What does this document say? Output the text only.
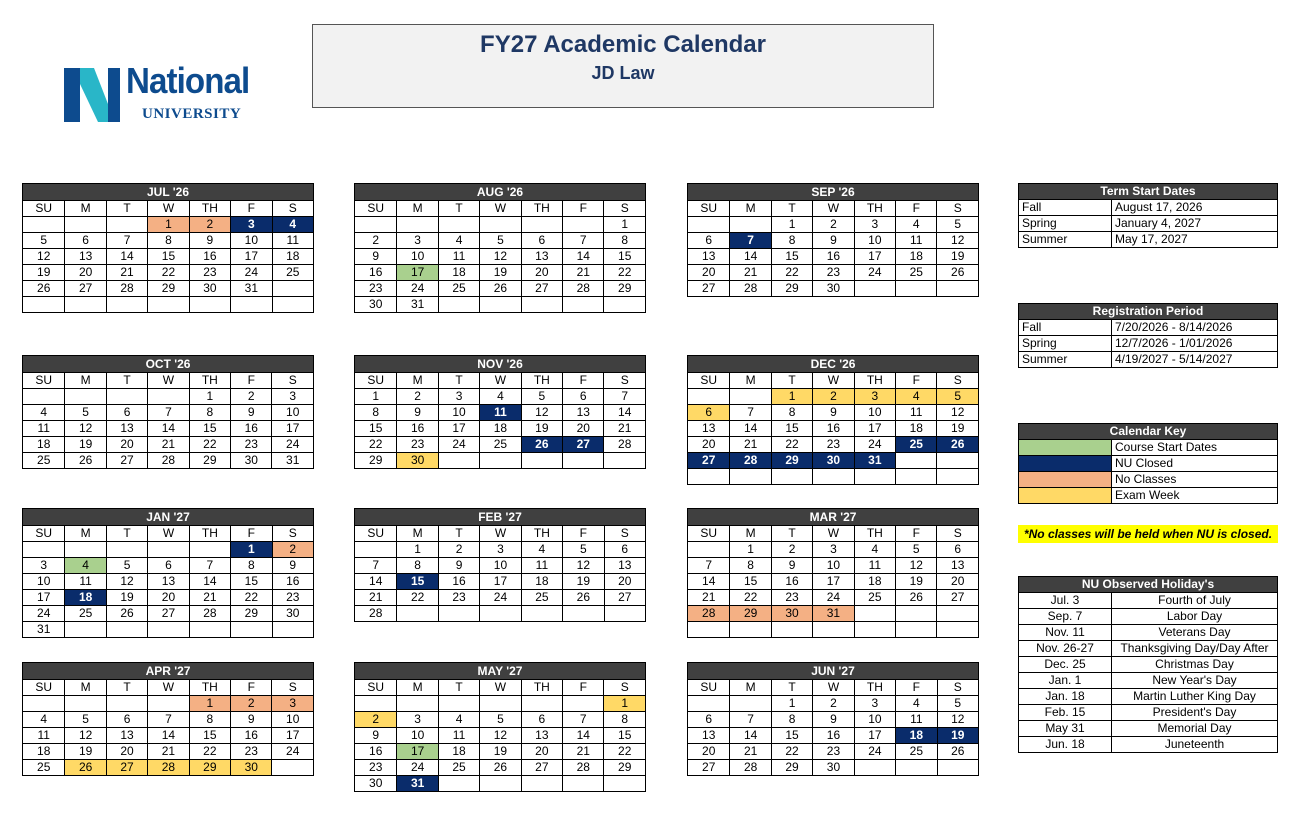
National
UNIVERSITY
FY27 Academic Calendar
JD Law
JUL '26						
SU	M	T	W	TH	F	S
			1	2	3	4
5	6	7	8	9	10	11
12	13	14	15	16	17	18
19	20	21	22	23	24	25
26	27	28	29	30	31	

AUG '26						
SU	M	T	W	TH	F	S
						1
2	3	4	5	6	7	8
9	10	11	12	13	14	15
16	17	18	19	20	21	22
23	24	25	26	27	28	29
30	31					
SEP '26						
SU	M	T	W	TH	F	S
		1	2	3	4	5
6	7	8	9	10	11	12
13	14	15	16	17	18	19
20	21	22	23	24	25	26
27	28	29	30			
OCT '26						
SU	M	T	W	TH	F	S
				1	2	3
4	5	6	7	8	9	10
11	12	13	14	15	16	17
18	19	20	21	22	23	24
25	26	27	28	29	30	31
NOV '26						
SU	M	T	W	TH	F	S
1	2	3	4	5	6	7
8	9	10	11	12	13	14
15	16	17	18	19	20	21
22	23	24	25	26	27	28
29	30					
DEC '26						
SU	M	T	W	TH	F	S
		1	2	3	4	5
6	7	8	9	10	11	12
13	14	15	16	17	18	19
20	21	22	23	24	25	26
27	28	29	30	31		

JAN '27						
SU	M	T	W	TH	F	S
					1	2
3	4	5	6	7	8	9
10	11	12	13	14	15	16
17	18	19	20	21	22	23
24	25	26	27	28	29	30
31						
FEB '27						
SU	M	T	W	TH	F	S
	1	2	3	4	5	6
7	8	9	10	11	12	13
14	15	16	17	18	19	20
21	22	23	24	25	26	27
28						
MAR '27						
SU	M	T	W	TH	F	S
	1	2	3	4	5	6
7	8	9	10	11	12	13
14	15	16	17	18	19	20
21	22	23	24	25	26	27
28	29	30	31			

APR '27						
SU	M	T	W	TH	F	S
				1	2	3
4	5	6	7	8	9	10
11	12	13	14	15	16	17
18	19	20	21	22	23	24
25	26	27	28	29	30	
MAY '27						
SU	M	T	W	TH	F	S
						1
2	3	4	5	6	7	8
9	10	11	12	13	14	15
16	17	18	19	20	21	22
23	24	25	26	27	28	29
30	31					
JUN '27						
SU	M	T	W	TH	F	S
		1	2	3	4	5
6	7	8	9	10	11	12
13	14	15	16	17	18	19
20	21	22	23	24	25	26
27	28	29	30			
Term Start Dates	
Fall	August 17, 2026
Spring	January 4, 2027
Summer	May 17, 2027
Registration Period	
Fall	7/20/2026 - 8/14/2026
Spring	12/7/2026 - 1/01/2026
Summer	4/19/2027 - 5/14/2027
Calendar Key	
	Course Start Dates
	NU Closed
	No Classes
	Exam Week
*No classes will be held when NU is closed.
NU Observed Holiday's	
Jul. 3	Fourth of July
Sep. 7	Labor Day
Nov. 11	Veterans Day
Nov. 26-27	Thanksgiving Day/Day After
Dec. 25	Christmas Day
Jan. 1	New Year's Day
Jan. 18	Martin Luther King Day
Feb. 15	President's Day
May 31	Memorial Day
Jun. 18	Juneteenth
